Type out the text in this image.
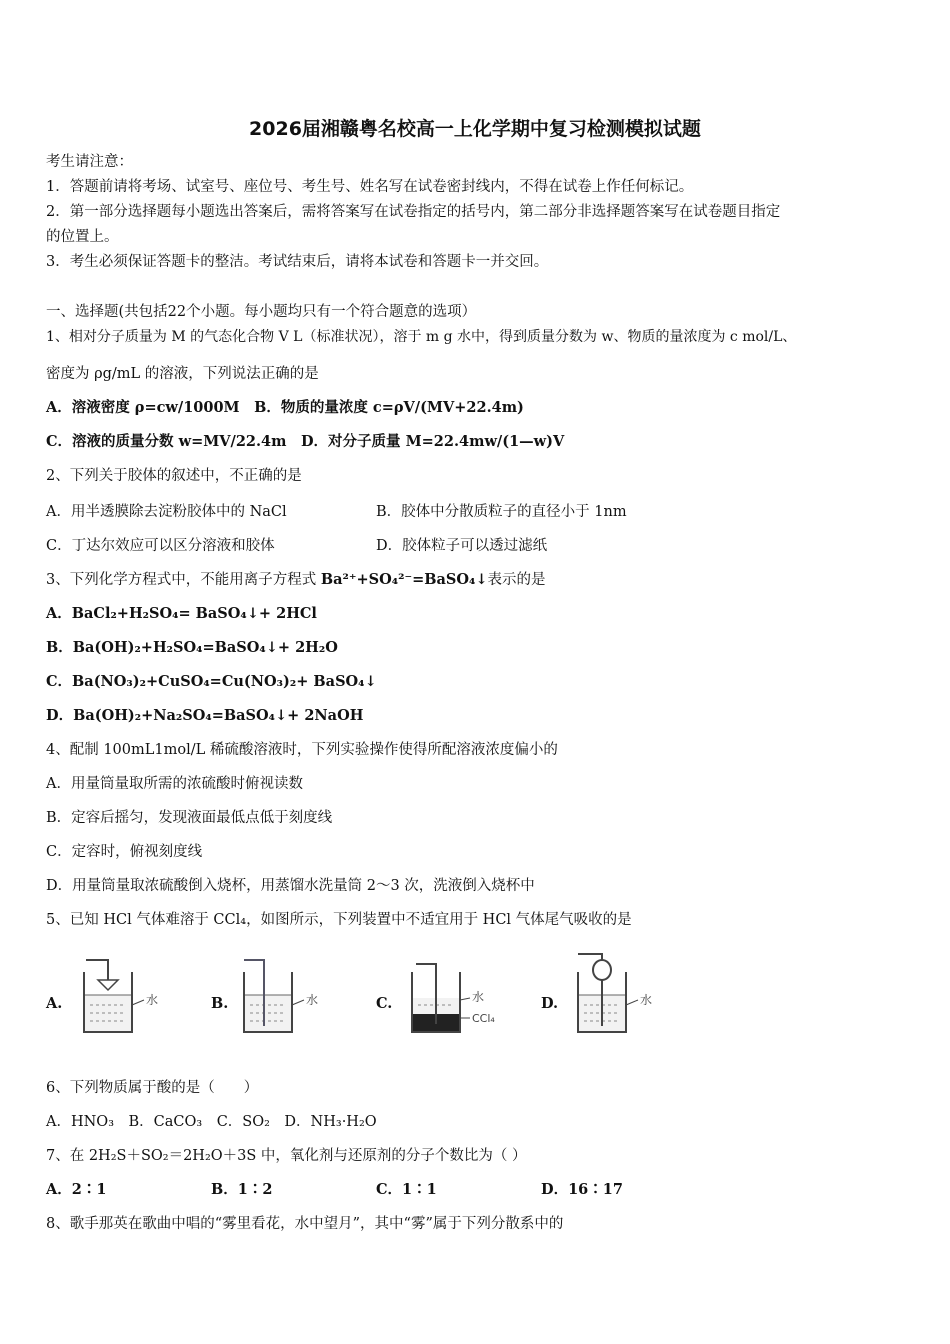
2026届湘赣粤名校高一上化学期中复习检测模拟试题
考生请注意：
1．答题前请将考场、试室号、座位号、考生号、姓名写在试卷密封线内，不得在试卷上作任何标记。
2．第一部分选择题每小题选出答案后，需将答案写在试卷指定的括号内，第二部分非选择题答案写在试卷题目指定
的位置上。
3．考生必须保证答题卡的整洁。考试结束后，请将本试卷和答题卡一并交回。
一、选择题(共包括22个小题。每小题均只有一个符合题意的选项）
1、相对分子质量为 M 的气态化合物 V L（标准状况），溶于 m g 水中，得到质量分数为 w、物质的量浓度为 c mol/L、
密度为 ρg/mL 的溶液，下列说法正确的是
A．溶液密度 ρ=cw/1000M　B．物质的量浓度 c=ρV/(MV+22.4m)
C．溶液的质量分数 w=MV/22.4m　D．对分子质量 M=22.4mw/(1—w)V
2、下列关于胶体的叙述中，不正确的是
A．用半透膜除去淀粉胶体中的 NaCl	B．胶体中分散质粒子的直径小于 1nm
C．丁达尔效应可以区分溶液和胶体	D．胶体粒子可以透过滤纸
3、下列化学方程式中，不能用离子方程式 Ba²⁺+SO₄²⁻=BaSO₄↓表示的是
A．BaCl₂+H₂SO₄= BaSO₄↓+ 2HCl
B．Ba(OH)₂+H₂SO₄=BaSO₄↓+ 2H₂O
C．Ba(NO₃)₂+CuSO₄=Cu(NO₃)₂+ BaSO₄↓
D．Ba(OH)₂+Na₂SO₄=BaSO₄↓+ 2NaOH
4、配制 100mL1mol/L 稀硫酸溶液时，下列实验操作使得所配溶液浓度偏小的
A．用量筒量取所需的浓硫酸时俯视读数
B．定容后摇匀，发现液面最低点低于刻度线
C．定容时，俯视刻度线
D．用量筒量取浓硫酸倒入烧杯，用蒸馏水洗量筒 2～3 次，洗液倒入烧杯中
5、已知 HCl 气体难溶于 CCl₄，如图所示，下列装置中不适宜用于 HCl 气体尾气吸收的是
A.	B.	C.	D.
水	水	水
CCl₄
水
6、下列物质属于酸的是（　　）
A．HNO₃　B．CaCO₃　C．SO₂　D．NH₃·H₂O
7、在 2H₂S＋SO₂＝2H₂O＋3S 中，氧化剂与还原剂的分子个数比为（ ）
A．2∶1	B．1∶2	C．1∶1	D．16∶17
8、歌手那英在歌曲中唱的“雾里看花，水中望月”，其中“雾”属于下列分散系中的
